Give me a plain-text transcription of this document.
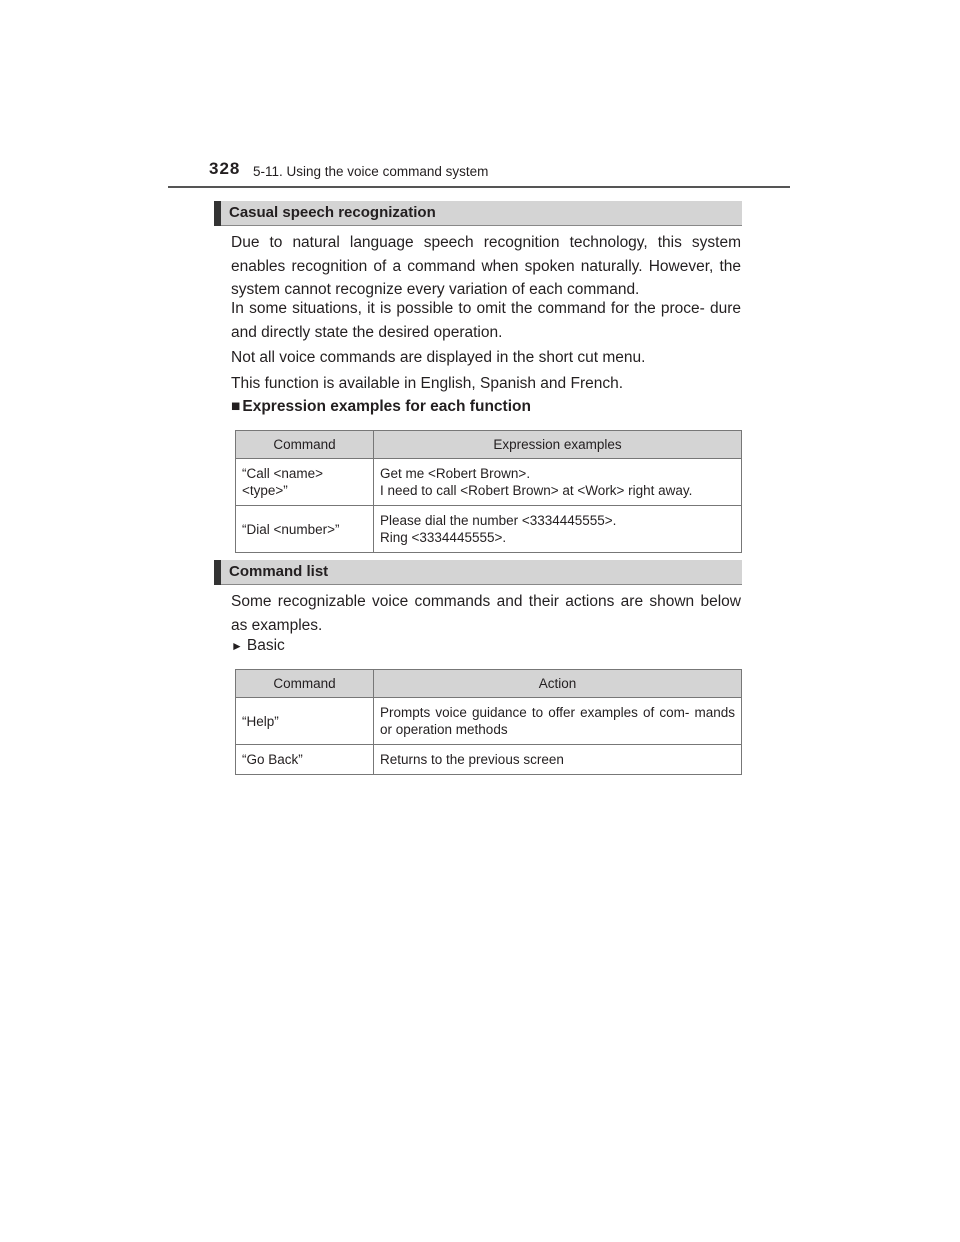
328 5-11. Using the voice command system
Casual speech recognization
Due to natural language speech recognition technology, this system enables recognition of a command when spoken naturally. However, the system cannot recognize every variation of each command.
In some situations, it is possible to omit the command for the proce- dure and directly state the desired operation.
Not all voice commands are displayed in the short cut menu.
This function is available in English, Spanish and French.
■ Expression examples for each function
Command	Expression examples
“Call <name> <type>”	Get me <Robert Brown>.
I need to call <Robert Brown> at <Work> right away.

“Dial <number>”	Please dial the number <3334445555>.
Ring <3334445555>.
Command list
Some recognizable voice commands and their actions are shown below as examples.
► Basic
Command	Action
“Help”	Prompts voice guidance to offer examples of com- mands or operation methods
“Go Back”	Returns to the previous screen
